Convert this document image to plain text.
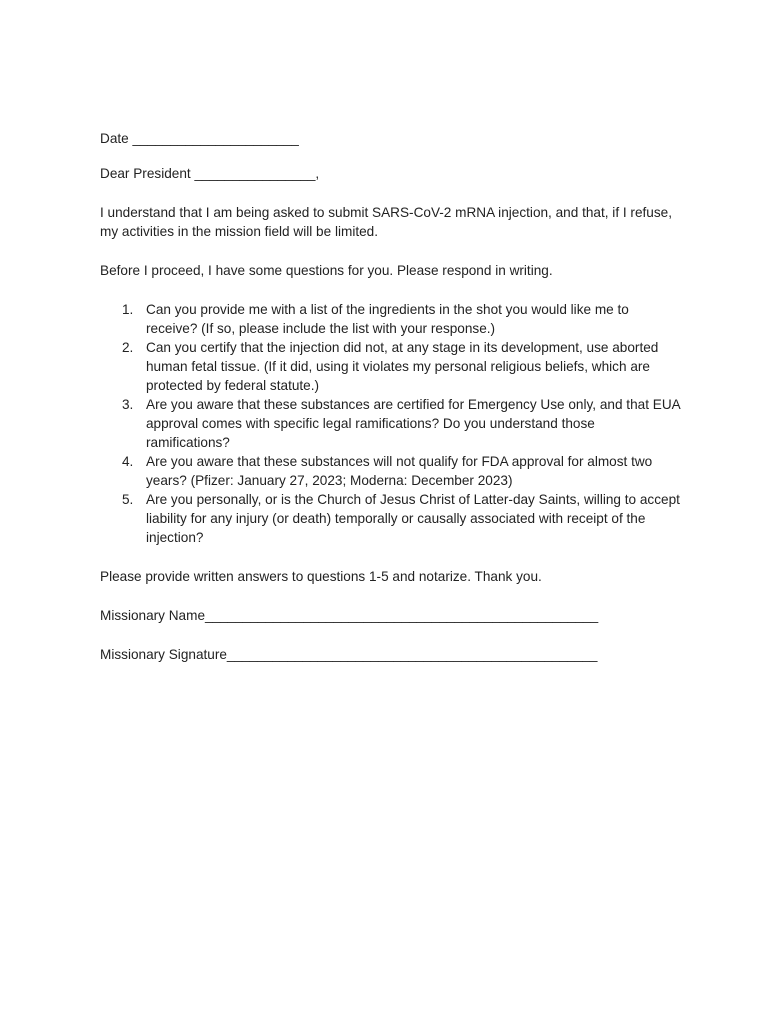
Date ______________________

Dear President ________________,

I understand that I am being asked to submit SARS-CoV-2 mRNA injection, and that, if I refuse, my activities in the mission field will be limited.

Before I proceed, I have some questions for you. Please respond in writing.

1. Can you provide me with a list of the ingredients in the shot you would like me to receive? (If so, please include the list with your response.)
2. Can you certify that the injection did not, at any stage in its development, use aborted human fetal tissue. (If it did, using it violates my personal religious beliefs, which are protected by federal statute.)
3. Are you aware that these substances are certified for Emergency Use only, and that EUA approval comes with specific legal ramifications? Do you understand those ramifications?
4. Are you aware that these substances will not qualify for FDA approval for almost two years? (Pfizer: January 27, 2023; Moderna: December 2023)
5. Are you personally, or is the Church of Jesus Christ of Latter-day Saints, willing to accept liability for any injury (or death) temporally or causally associated with receipt of the injection?

Please provide written answers to questions 1-5 and notarize. Thank you.

Missionary Name____________________________________________________

Missionary Signature_________________________________________________
